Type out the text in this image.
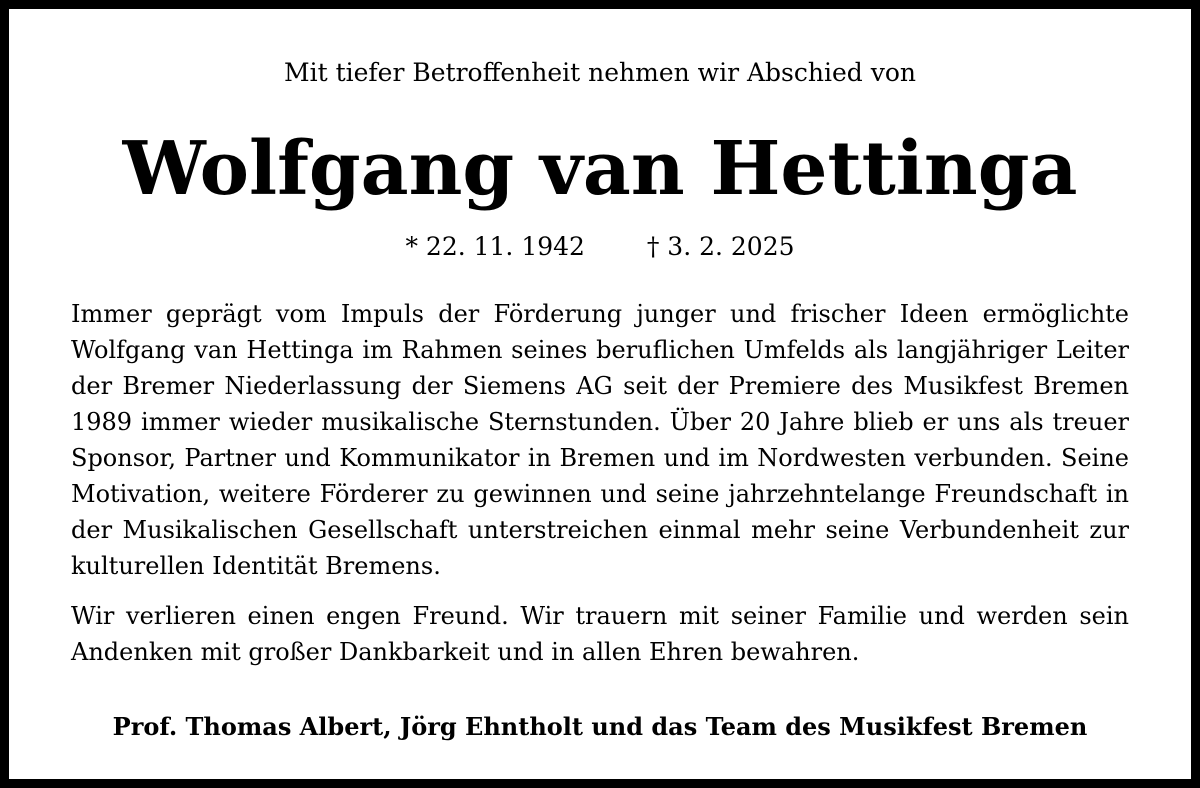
Mit tiefer Betroffenheit nehmen wir Abschied von
Wolfgang van Hettinga
* 22. 11. 1942 † 3. 2. 2025

Immer geprägt vom Impuls der Förderung junger und frischer Ideen ermöglichte Wolfgang van Hettinga im Rahmen seines beruflichen Umfelds als langjähriger Leiter der Bremer Niederlassung der Siemens AG seit der Premiere des Musikfest Bremen 1989 immer wieder musikalische Sternstunden. Über 20 Jahre blieb er uns als treuer Sponsor, Partner und Kommunikator in Bremen und im Nordwesten verbunden. Seine Motivation, weitere Förderer zu gewinnen und seine jahrzehntelange Freundschaft in der Musikalischen Gesellschaft unterstreichen einmal mehr seine Verbundenheit zur kulturellen Identität Bremens.

Wir verlieren einen engen Freund. Wir trauern mit seiner Familie und werden sein Andenken mit großer Dankbarkeit und in allen Ehren bewahren.

Prof. Thomas Albert, Jörg Ehntholt und das Team des Musikfest Bremen
